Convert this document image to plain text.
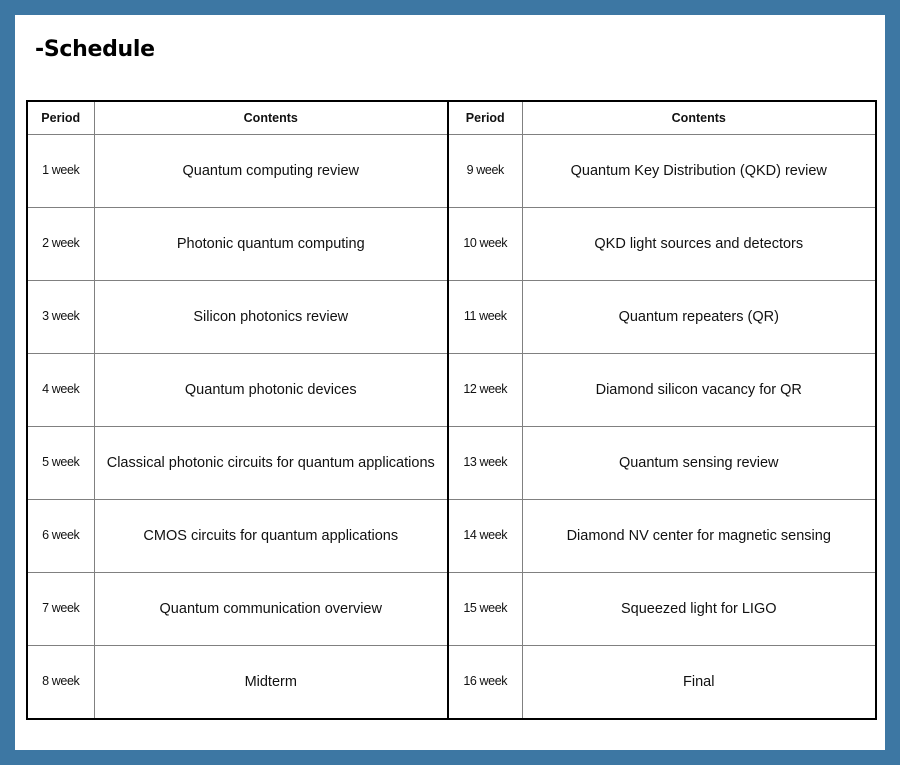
-Schedule
Period	Contents	Period	Contents
1 week	Quantum computing review	9 week	Quantum Key Distribution (QKD) review
2 week	Photonic quantum computing	10 week	QKD light sources and detectors
3 week	Silicon photonics review	11 week	Quantum repeaters (QR)
4 week	Quantum photonic devices	12 week	Diamond silicon vacancy for QR
5 week	Classical photonic circuits for quantum applications	13 week	Quantum sensing review
6 week	CMOS circuits for quantum applications	14 week	Diamond NV center for magnetic sensing
7 week	Quantum communication overview	15 week	Squeezed light for LIGO
8 week	Midterm	16 week	Final
